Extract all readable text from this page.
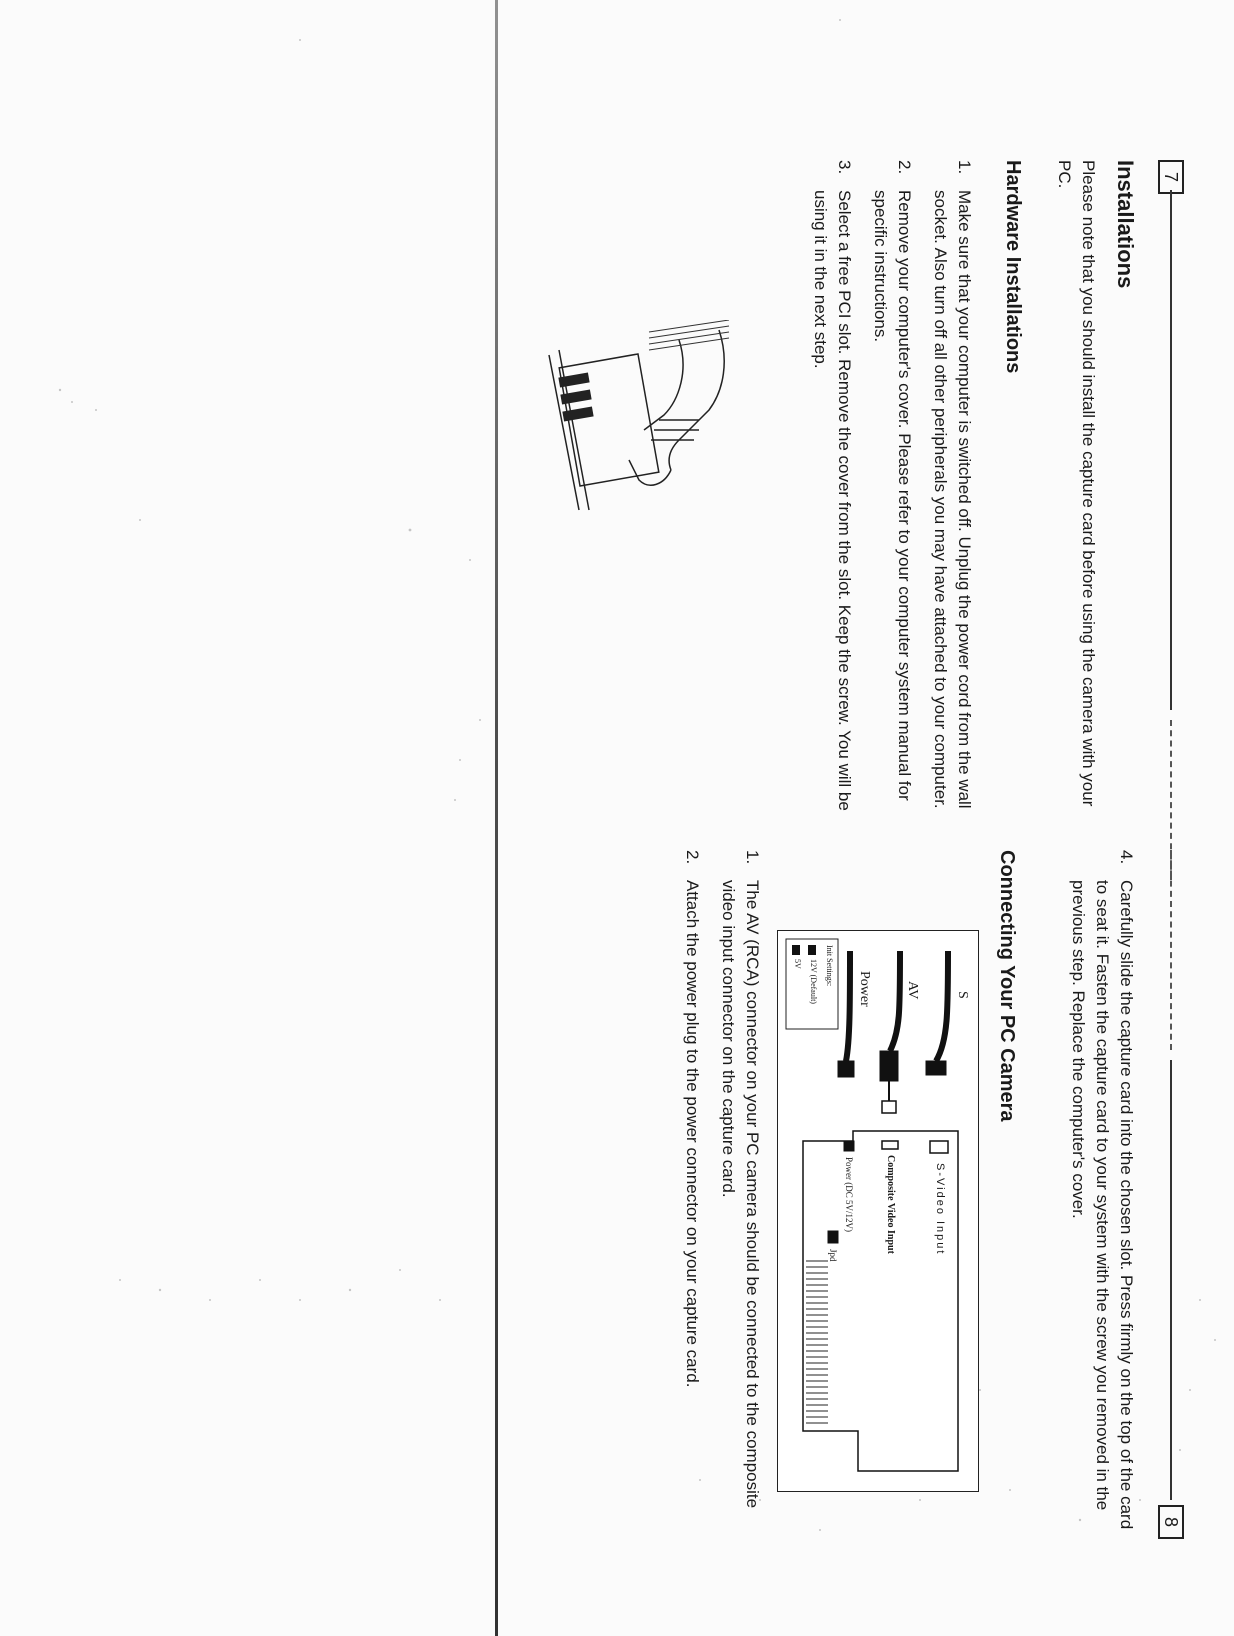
7
Installations
Please note that you should install the capture card before using the camera with your PC.
Hardware Installations
1.
Make sure that your computer is switched off. Unplug the power cord from the wall socket. Also turn off all other peripherals you may have attached to your computer.
2.
Remove your computer's cover. Please refer to your computer system manual for specific instructions.
3.
Select a free PCI slot. Remove the cover from the slot. Keep the screw. You will be using it in the next step.
8
4.
Carefully slide the capture card into the chosen slot. Press firmly on the top of the card to seat it. Fasten the capture card to your system with the screw you removed in the previous step. Replace the computer's cover.
Connecting Your PC Camera
S
AV
Power
S-Video Input
Composite Video Input
Power (DC 5V/12V)
Jpd
Init Settings:
12V (Default)
5V
1.
The AV (RCA) connector on your PC camera should be connected to the composite video input connector on the capture card.
2.
Attach the power plug to the power connector on your capture card.
